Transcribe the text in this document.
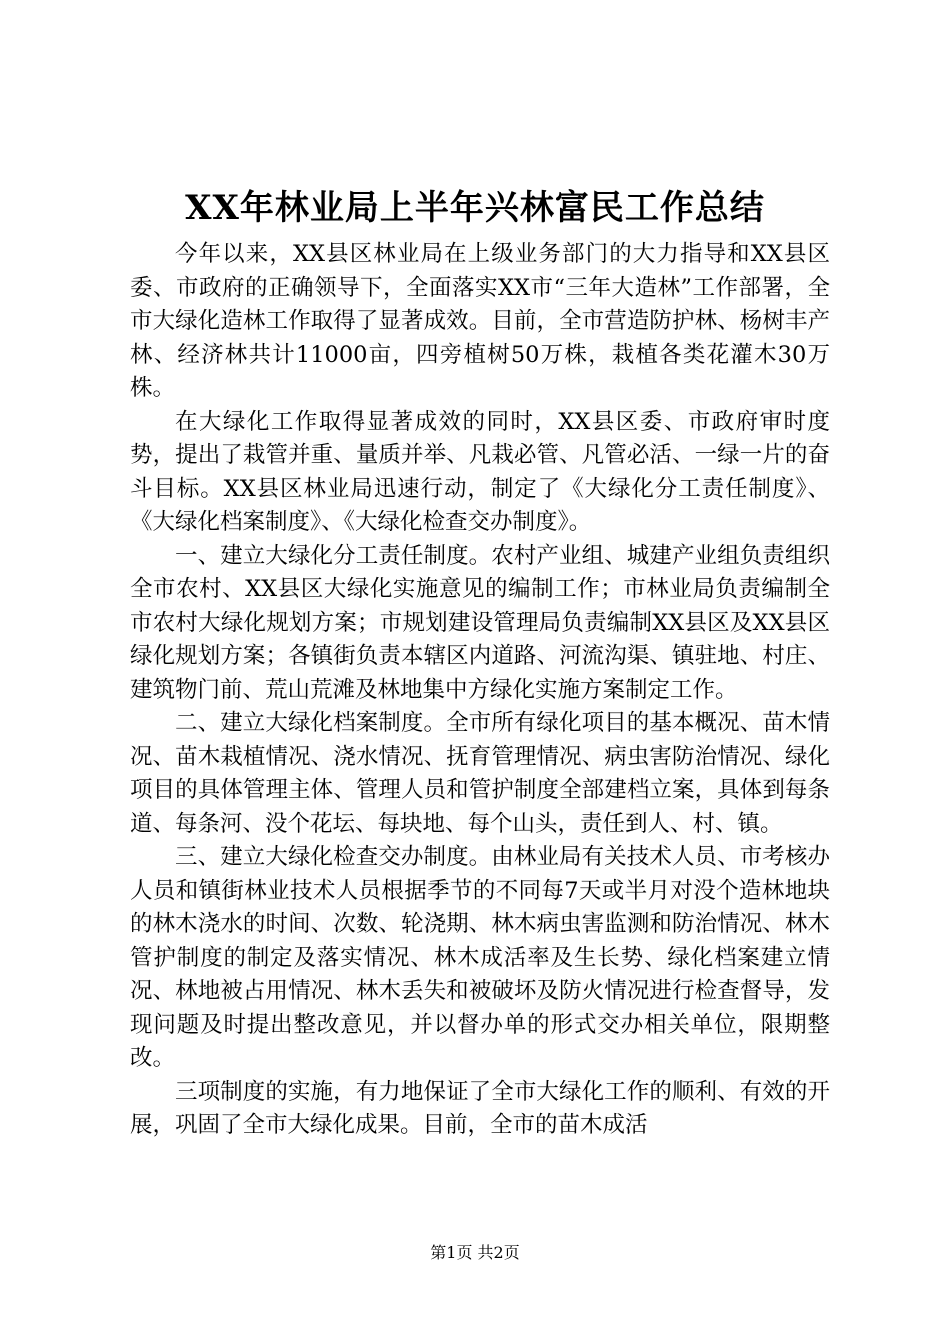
XX年林业局上半年兴林富民工作总结

今年以来，XX县区林业局在上级业务部门的大力指导和XX县区委、市政府的正确领导下，全面落实XX市“三年大造林”工作部署，全市大绿化造林工作取得了显著成效。目前，全市营造防护林、杨树丰产林、经济林共计11000亩，四旁植树50万株，栽植各类花灌木30万株。

在大绿化工作取得显著成效的同时，XX县区委、市政府审时度势，提出了栽管并重、量质并举、凡栽必管、凡管必活、一绿一片的奋斗目标。XX县区林业局迅速行动，制定了《大绿化分工责任制度》、《大绿化档案制度》、《大绿化检查交办制度》。

一、建立大绿化分工责任制度。农村产业组、城建产业组负责组织全市农村、XX县区大绿化实施意见的编制工作；市林业局负责编制全市农村大绿化规划方案；市规划建设管理局负责编制XX县区及XX县区绿化规划方案；各镇街负责本辖区内道路、河流沟渠、镇驻地、村庄、建筑物门前、荒山荒滩及林地集中方绿化实施方案制定工作。

二、建立大绿化档案制度。全市所有绿化项目的基本概况、苗木情况、苗木栽植情况、浇水情况、抚育管理情况、病虫害防治情况、绿化项目的具体管理主体、管理人员和管护制度全部建档立案，具体到每条道、每条河、没个花坛、每块地、每个山头，责任到人、村、镇。

三、建立大绿化检查交办制度。由林业局有关技术人员、市考核办人员和镇街林业技术人员根据季节的不同每7天或半月对没个造林地块的林木浇水的时间、次数、轮浇期、林木病虫害监测和防治情况、林木管护制度的制定及落实情况、林木成活率及生长势、绿化档案建立情况、林地被占用情况、林木丢失和被破坏及防火情况进行检查督导，发现问题及时提出整改意见，并以督办单的形式交办相关单位，限期整改。

三项制度的实施，有力地保证了全市大绿化工作的顺利、有效的开展，巩固了全市大绿化成果。目前，全市的苗木成活

第1页 共2页
